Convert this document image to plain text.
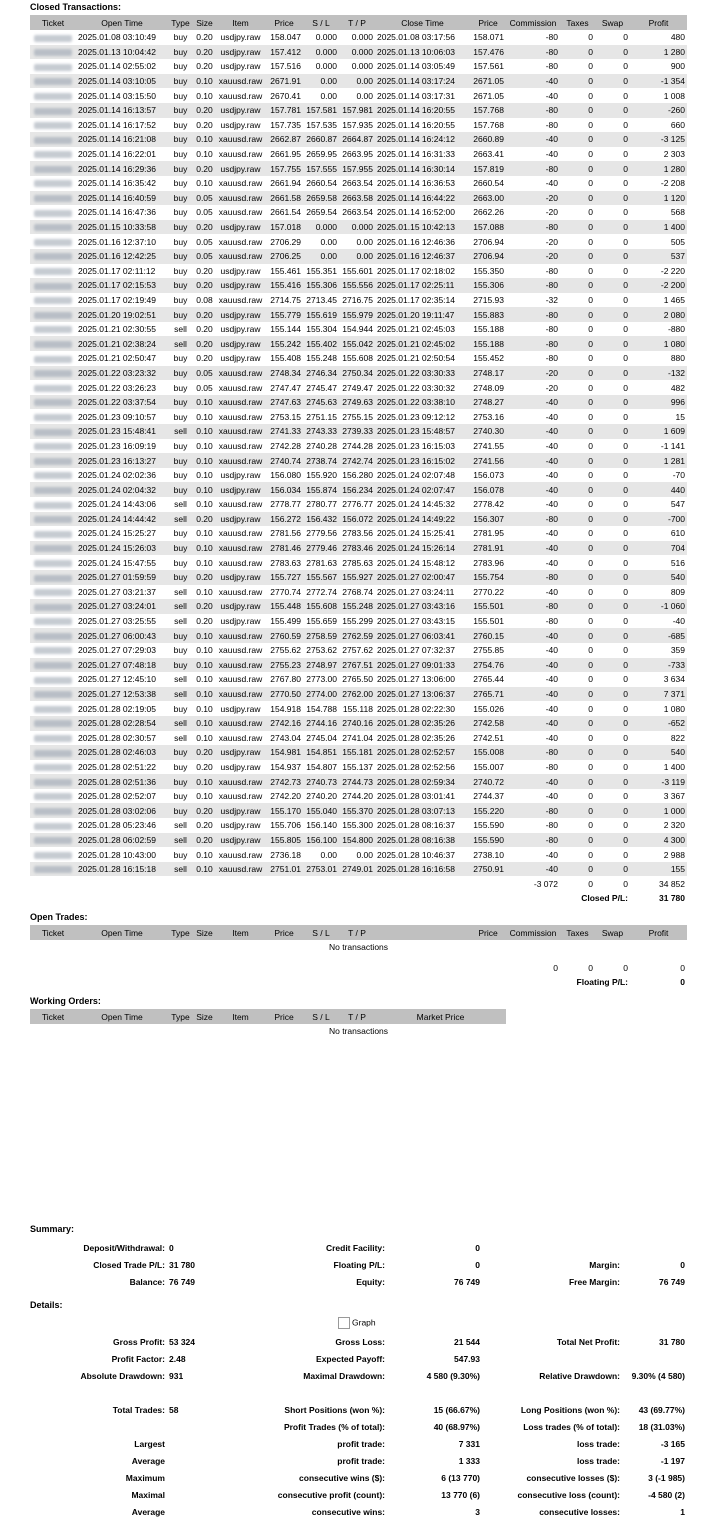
Closed Transactions:
Ticket	Open Time	Type	Size	Item	Price	S / L	T / P	Close Time	Price	Commission	Taxes	Swap	Profit
	2025.01.08 03:10:49	buy	0.20	usdjpy.raw	158.047	0.000	0.000	2025.01.08 03:17:56	158.071	-80	0	0	480
	2025.01.13 10:04:42	buy	0.20	usdjpy.raw	157.412	0.000	0.000	2025.01.13 10:06:03	157.476	-80	0	0	1 280
	2025.01.14 02:55:02	buy	0.20	usdjpy.raw	157.516	0.000	0.000	2025.01.14 03:05:49	157.561	-80	0	0	900
	2025.01.14 03:10:05	buy	0.10	xauusd.raw	2671.91	0.00	0.00	2025.01.14 03:17:24	2671.05	-40	0	0	-1 354
	2025.01.14 03:15:50	buy	0.10	xauusd.raw	2670.41	0.00	0.00	2025.01.14 03:17:31	2671.05	-40	0	0	1 008
	2025.01.14 16:13:57	buy	0.20	usdjpy.raw	157.781	157.581	157.981	2025.01.14 16:20:55	157.768	-80	0	0	-260
	2025.01.14 16:17:52	buy	0.20	usdjpy.raw	157.735	157.535	157.935	2025.01.14 16:20:55	157.768	-80	0	0	660
	2025.01.14 16:21:08	buy	0.10	xauusd.raw	2662.87	2660.87	2664.87	2025.01.14 16:24:12	2660.89	-40	0	0	-3 125
	2025.01.14 16:22:01	buy	0.10	xauusd.raw	2661.95	2659.95	2663.95	2025.01.14 16:31:33	2663.41	-40	0	0	2 303
	2025.01.14 16:29:36	buy	0.20	usdjpy.raw	157.755	157.555	157.955	2025.01.14 16:30:14	157.819	-80	0	0	1 280
	2025.01.14 16:35:42	buy	0.10	xauusd.raw	2661.94	2660.54	2663.54	2025.01.14 16:36:53	2660.54	-40	0	0	-2 208
	2025.01.14 16:40:59	buy	0.05	xauusd.raw	2661.58	2659.58	2663.58	2025.01.14 16:44:22	2663.00	-20	0	0	1 120
	2025.01.14 16:47:36	buy	0.05	xauusd.raw	2661.54	2659.54	2663.54	2025.01.14 16:52:00	2662.26	-20	0	0	568
	2025.01.15 10:33:58	buy	0.20	usdjpy.raw	157.018	0.000	0.000	2025.01.15 10:42:13	157.088	-80	0	0	1 400
	2025.01.16 12:37:10	buy	0.05	xauusd.raw	2706.29	0.00	0.00	2025.01.16 12:46:36	2706.94	-20	0	0	505
	2025.01.16 12:42:25	buy	0.05	xauusd.raw	2706.25	0.00	0.00	2025.01.16 12:46:37	2706.94	-20	0	0	537
	2025.01.17 02:11:12	buy	0.20	usdjpy.raw	155.461	155.351	155.601	2025.01.17 02:18:02	155.350	-80	0	0	-2 220
	2025.01.17 02:15:53	buy	0.20	usdjpy.raw	155.416	155.306	155.556	2025.01.17 02:25:11	155.306	-80	0	0	-2 200
	2025.01.17 02:19:49	buy	0.08	xauusd.raw	2714.75	2713.45	2716.75	2025.01.17 02:35:14	2715.93	-32	0	0	1 465
	2025.01.20 19:02:51	buy	0.20	usdjpy.raw	155.779	155.619	155.979	2025.01.20 19:11:47	155.883	-80	0	0	2 080
	2025.01.21 02:30:55	sell	0.20	usdjpy.raw	155.144	155.304	154.944	2025.01.21 02:45:03	155.188	-80	0	0	-880
	2025.01.21 02:38:24	sell	0.20	usdjpy.raw	155.242	155.402	155.042	2025.01.21 02:45:02	155.188	-80	0	0	1 080
	2025.01.21 02:50:47	buy	0.20	usdjpy.raw	155.408	155.248	155.608	2025.01.21 02:50:54	155.452	-80	0	0	880
	2025.01.22 03:23:32	buy	0.05	xauusd.raw	2748.34	2746.34	2750.34	2025.01.22 03:30:33	2748.17	-20	0	0	-132
	2025.01.22 03:26:23	buy	0.05	xauusd.raw	2747.47	2745.47	2749.47	2025.01.22 03:30:32	2748.09	-20	0	0	482
	2025.01.22 03:37:54	buy	0.10	xauusd.raw	2747.63	2745.63	2749.63	2025.01.22 03:38:10	2748.27	-40	0	0	996
	2025.01.23 09:10:57	buy	0.10	xauusd.raw	2753.15	2751.15	2755.15	2025.01.23 09:12:12	2753.16	-40	0	0	15
	2025.01.23 15:48:41	sell	0.10	xauusd.raw	2741.33	2743.33	2739.33	2025.01.23 15:48:57	2740.30	-40	0	0	1 609
	2025.01.23 16:09:19	buy	0.10	xauusd.raw	2742.28	2740.28	2744.28	2025.01.23 16:15:03	2741.55	-40	0	0	-1 141
	2025.01.23 16:13:27	buy	0.10	xauusd.raw	2740.74	2738.74	2742.74	2025.01.23 16:15:02	2741.56	-40	0	0	1 281
	2025.01.24 02:02:36	buy	0.10	usdjpy.raw	156.080	155.920	156.280	2025.01.24 02:07:48	156.073	-40	0	0	-70
	2025.01.24 02:04:32	buy	0.10	usdjpy.raw	156.034	155.874	156.234	2025.01.24 02:07:47	156.078	-40	0	0	440
	2025.01.24 14:43:06	sell	0.10	xauusd.raw	2778.77	2780.77	2776.77	2025.01.24 14:45:32	2778.42	-40	0	0	547
	2025.01.24 14:44:42	sell	0.20	usdjpy.raw	156.272	156.432	156.072	2025.01.24 14:49:22	156.307	-80	0	0	-700
	2025.01.24 15:25:27	buy	0.10	xauusd.raw	2781.56	2779.56	2783.56	2025.01.24 15:25:41	2781.95	-40	0	0	610
	2025.01.24 15:26:03	buy	0.10	xauusd.raw	2781.46	2779.46	2783.46	2025.01.24 15:26:14	2781.91	-40	0	0	704
	2025.01.24 15:47:55	buy	0.10	xauusd.raw	2783.63	2781.63	2785.63	2025.01.24 15:48:12	2783.96	-40	0	0	516
	2025.01.27 01:59:59	buy	0.20	usdjpy.raw	155.727	155.567	155.927	2025.01.27 02:00:47	155.754	-80	0	0	540
	2025.01.27 03:21:37	sell	0.10	xauusd.raw	2770.74	2772.74	2768.74	2025.01.27 03:24:11	2770.22	-40	0	0	809
	2025.01.27 03:24:01	sell	0.20	usdjpy.raw	155.448	155.608	155.248	2025.01.27 03:43:16	155.501	-80	0	0	-1 060
	2025.01.27 03:25:55	sell	0.20	usdjpy.raw	155.499	155.659	155.299	2025.01.27 03:43:15	155.501	-80	0	0	-40
	2025.01.27 06:00:43	buy	0.10	xauusd.raw	2760.59	2758.59	2762.59	2025.01.27 06:03:41	2760.15	-40	0	0	-685
	2025.01.27 07:29:03	buy	0.10	xauusd.raw	2755.62	2753.62	2757.62	2025.01.27 07:32:37	2755.85	-40	0	0	359
	2025.01.27 07:48:18	buy	0.10	xauusd.raw	2755.23	2748.97	2767.51	2025.01.27 09:01:33	2754.76	-40	0	0	-733
	2025.01.27 12:45:10	sell	0.10	xauusd.raw	2767.80	2773.00	2765.50	2025.01.27 13:06:00	2765.44	-40	0	0	3 634
	2025.01.27 12:53:38	sell	0.10	xauusd.raw	2770.50	2774.00	2762.00	2025.01.27 13:06:37	2765.71	-40	0	0	7 371
	2025.01.28 02:19:05	buy	0.10	usdjpy.raw	154.918	154.788	155.118	2025.01.28 02:22:30	155.026	-40	0	0	1 080
	2025.01.28 02:28:54	sell	0.10	xauusd.raw	2742.16	2744.16	2740.16	2025.01.28 02:35:26	2742.58	-40	0	0	-652
	2025.01.28 02:30:57	sell	0.10	xauusd.raw	2743.04	2745.04	2741.04	2025.01.28 02:35:26	2742.51	-40	0	0	822
	2025.01.28 02:46:03	buy	0.20	usdjpy.raw	154.981	154.851	155.181	2025.01.28 02:52:57	155.008	-80	0	0	540
	2025.01.28 02:51:22	buy	0.20	usdjpy.raw	154.937	154.807	155.137	2025.01.28 02:52:56	155.007	-80	0	0	1 400
	2025.01.28 02:51:36	buy	0.10	xauusd.raw	2742.73	2740.73	2744.73	2025.01.28 02:59:34	2740.72	-40	0	0	-3 119
	2025.01.28 02:52:07	buy	0.10	xauusd.raw	2742.20	2740.20	2744.20	2025.01.28 03:01:41	2744.37	-40	0	0	3 367
	2025.01.28 03:02:06	buy	0.20	usdjpy.raw	155.170	155.040	155.370	2025.01.28 03:07:13	155.220	-80	0	0	1 000
	2025.01.28 05:23:46	sell	0.20	usdjpy.raw	155.706	156.140	155.300	2025.01.28 08:16:37	155.590	-80	0	0	2 320
	2025.01.28 06:02:59	sell	0.20	usdjpy.raw	155.805	156.100	154.800	2025.01.28 08:16:38	155.590	-80	0	0	4 300
	2025.01.28 10:43:00	buy	0.10	xauusd.raw	2736.18	0.00	0.00	2025.01.28 10:46:37	2738.10	-40	0	0	2 988
	2025.01.28 16:15:18	sell	0.10	xauusd.raw	2751.01	2753.01	2749.01	2025.01.28 16:16:58	2750.91	-40	0	0	155
										-3 072	0	0	34 852
										Closed P/L:			31 780
Open Trades:
Ticket	Open Time	Type	Size	Item	Price	S / L	T / P		Price	Commission	Taxes	Swap	Profit
No transactions													

										0	0	0	0
										Floating P/L:			0
Working Orders:
Ticket	Open Time	Type	Size	Item	Price	S / L	T / P	Market Price
No transactions
Summary:
Deposit/Withdrawal:	0	Credit Facility:	0		
Closed Trade P/L:	31 780	Floating P/L:	0	Margin:	0
Balance:	76 749	Equity:	76 749	Free Margin:	76 749
Details:
Graph
Gross Profit:	53 324	Gross Loss:	21 544	Total Net Profit:	31 780
Profit Factor:	2.48	Expected Payoff:	547.93		
Absolute Drawdown:	931	Maximal Drawdown:	4 580 (9.30%)	Relative Drawdown:	9.30% (4 580)

Total Trades:	58	Short Positions (won %):	15 (66.67%)	Long Positions (won %):	43 (69.77%)
		Profit Trades (% of total):	40 (68.97%)	Loss trades (% of total):	18 (31.03%)
Largest		profit trade:	7 331	loss trade:	-3 165
Average		profit trade:	1 333	loss trade:	-1 197
Maximum		consecutive wins ($):	6 (13 770)	consecutive losses ($):	3 (-1 985)
Maximal		consecutive profit (count):	13 770 (6)	consecutive loss (count):	-4 580 (2)
Average		consecutive wins:	3	consecutive losses:	1
